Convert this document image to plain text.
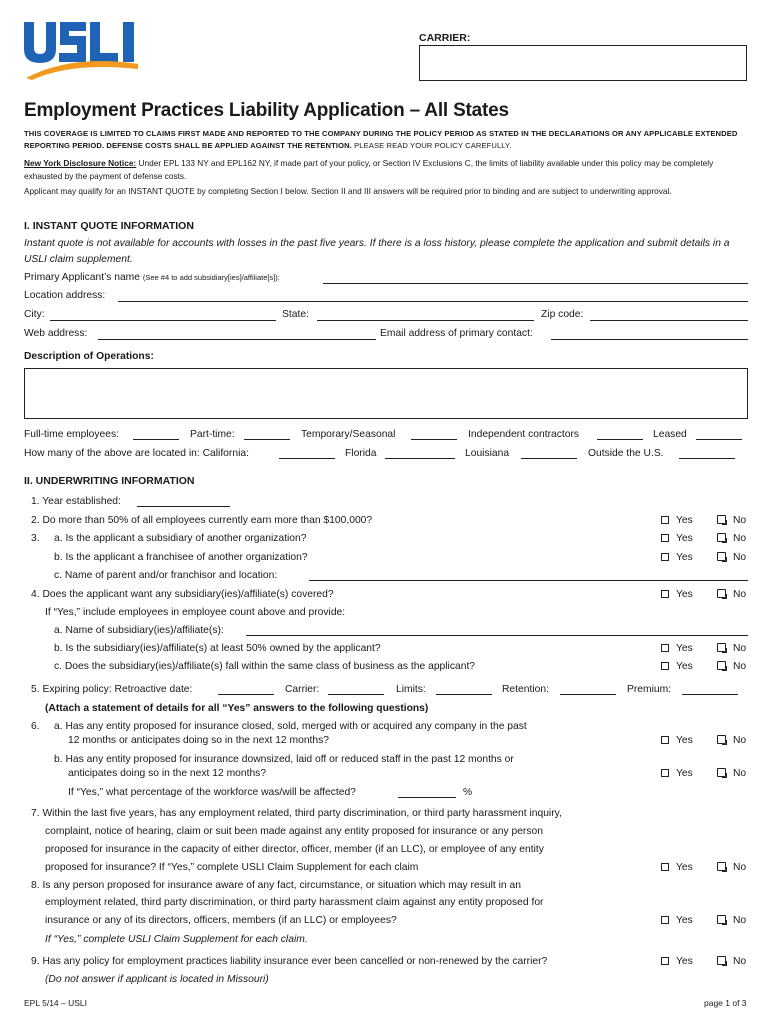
CARRIER:
Employment Practices Liability Application – All States
THIS COVERAGE IS LIMITED TO CLAIMS FIRST MADE AND REPORTED TO THE COMPANY DURING THE POLICY PERIOD AS STATED IN THE DECLARATIONS OR ANY APPLICABLE EXTENDED REPORTING PERIOD. DEFENSE COSTS SHALL BE APPLIED AGAINST THE RETENTION. PLEASE READ YOUR POLICY CAREFULLY.
New York Disclosure Notice: Under EPL 133 NY and EPL162 NY, if made part of your policy, or Section IV Exclusions C, the limits of liability available under this policy may be completely exhausted by the payment of defense costs.
Applicant may qualify for an INSTANT QUOTE by completing Section I below. Section II and III answers will be required prior to binding and are subject to underwriting approval.
I. INSTANT QUOTE INFORMATION
Instant quote is not available for accounts with losses in the past five years. If there is a loss history, please complete the application and submit details in a USLI claim supplement.
Primary Applicant’s name (See #4 to add subsidiary[ies]/affiliate[s]):
Location address:
City:	State:	Zip code:
Web address:	Email address of primary contact:
Description of Operations:
Full-time employees:	Part-time:	Temporary/Seasonal	Independent contractors	Leased
How many of the above are located in: California:	Florida	Louisiana	Outside the U.S.
II. UNDERWRITING INFORMATION
1. Year established:
2. Do more than 50% of all employees currently earn more than $100,000?	Yes	No
3. a. Is the applicant a subsidiary of another organization?	Yes	No
b. Is the applicant a franchisee of another organization?	Yes	No
c. Name of parent and/or franchisor and location:
4. Does the applicant want any subsidiary(ies)/affiliate(s) covered?	Yes	No
If “Yes,” include employees in employee count above and provide:
a. Name of subsidiary(ies)/affiliate(s):
b. Is the subsidiary(ies)/affiliate(s) at least 50% owned by the applicant?	Yes	No
c. Does the subsidiary(ies)/affiliate(s) fall within the same class of business as the applicant?	Yes	No
5. Expiring policy: Retroactive date:	Carrier:	Limits:	Retention:	Premium:
(Attach a statement of details for all “Yes” answers to the following questions)
6. a. Has any entity proposed for insurance closed, sold, merged with or acquired any company in the past
12 months or anticipates doing so in the next 12 months?	Yes	No
b. Has any entity proposed for insurance downsized, laid off or reduced staff in the past 12 months or
anticipates doing so in the next 12 months?	Yes	No
If “Yes,” what percentage of the workforce was/will be affected?	%
7. Within the last five years, has any employment related, third party discrimination, or third party harassment inquiry,
complaint, notice of hearing, claim or suit been made against any entity proposed for insurance or any person
proposed for insurance in the capacity of either director, officer, member (if an LLC), or employee of any entity
proposed for insurance? If “Yes,” complete USLI Claim Supplement for each claim	Yes	No
8. Is any person proposed for insurance aware of any fact, circumstance, or situation which may result in an
employment related, third party discrimination, or third party harassment claim against any entity proposed for
insurance or any of its directors, officers, members (if an LLC) or employees?	Yes	No
If “Yes,” complete USLI Claim Supplement for each claim.
9. Has any policy for employment practices liability insurance ever been cancelled or non-renewed by the carrier?	Yes	No
(Do not answer if applicant is located in Missouri)
EPL 5/14 – USLI	page 1 of 3
